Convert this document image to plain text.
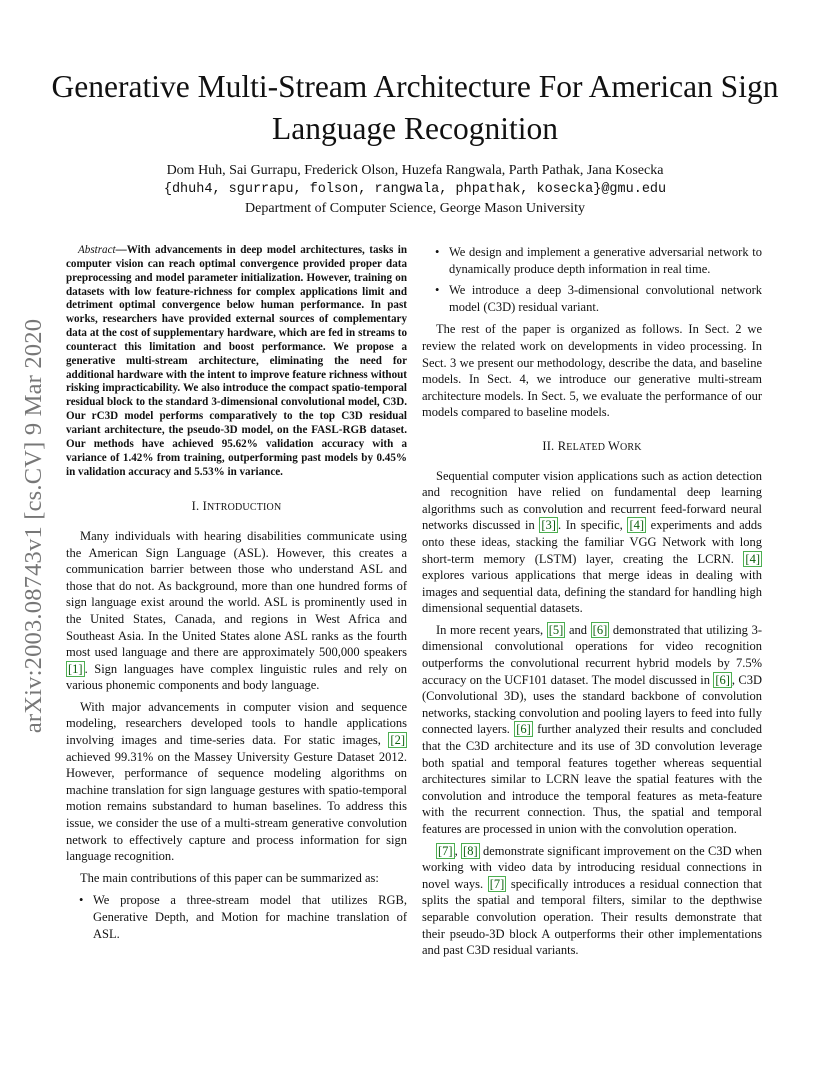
Generative Multi-Stream Architecture For American Sign Language Recognition
Dom Huh, Sai Gurrapu, Frederick Olson, Huzefa Rangwala, Parth Pathak, Jana Kosecka
{dhuh4, sgurrapu, folson, rangwala, phpathak, kosecka}@gmu.edu
Department of Computer Science, George Mason University
arXiv:2003.08743v1 [cs.CV] 9 Mar 2020

Abstract—With advancements in deep model architectures, tasks in computer vision can reach optimal convergence provided proper data preprocessing and model parameter initialization. However, training on datasets with low feature-richness for complex applications limit and detriment optimal convergence below human performance. In past works, researchers have provided external sources of complementary data at the cost of supplementary hardware, which are fed in streams to counteract this limitation and boost performance. We propose a generative multi-stream architecture, eliminating the need for additional hardware with the intent to improve feature richness without risking impracticability. We also introduce the compact spatio-temporal residual block to the standard 3-dimensional convolutional model, C3D. Our rC3D model performs comparatively to the top C3D residual variant architecture, the pseudo-3D model, on the FASL-RGB dataset. Our methods have achieved 95.62% validation accuracy with a variance of 1.42% from training, outperforming past models by 0.45% in validation accuracy and 5.53% in variance.

I. INTRODUCTION

Many individuals with hearing disabilities communicate using the American Sign Language (ASL). However, this creates a communication barrier between those who understand ASL and those that do not. As background, more than one hundred forms of sign language exist around the world. ASL is prominently used in the United States, Canada, and regions in West Africa and Southeast Asia. In the United States alone ASL ranks as the fourth most used language and there are approximately 500,000 speakers [1] . Sign languages have complex linguistic rules and rely on various phonemic components and body language.

With major advancements in computer vision and sequence modeling, researchers developed tools to handle applications involving images and time-series data. For static images, [2] achieved 99.31% on the Massey University Gesture Dataset 2012. However, performance of sequence modeling algorithms on machine translation for sign language gestures with spatio-temporal motion remains substandard to human baselines. To address this issue, we consider the use of a multi-stream generative convolution network to effectively capture and process information for sign language recognition.

The main contributions of this paper can be summarized as:

• We propose a three-stream model that utilizes RGB, Generative Depth, and Motion for machine translation of ASL.
• We design and implement a generative adversarial network to dynamically produce depth information in real time.
• We introduce a deep 3-dimensional convolutional network model (C3D) residual variant.

The rest of the paper is organized as follows. In Sect. 2 we review the related work on developments in video processing. In Sect. 3 we present our methodology, describe the data, and baseline models. In Sect. 4, we introduce our generative multi-stream architecture models. In Sect. 5, we evaluate the performance of our models compared to baseline models.

II. RELATED WORK

Sequential computer vision applications such as action detection and recognition have relied on fundamental deep learning algorithms such as convolution and recurrent feed-forward neural networks discussed in [3] . In specific, [4] experiments and adds onto these ideas, stacking the familiar VGG Network with long short-term memory (LSTM) layer, creating the LCRN. [4] explores various applications that merge ideas in dealing with images and sequential data, defining the standard for handling high dimensional sequential datasets.

In more recent years, [5] and [6] demonstrated that utilizing 3-dimensional convolutional operations for video recognition outperforms the convolutional recurrent hybrid models by 7.5% accuracy on the UCF101 dataset. The model discussed in [6] , C3D (Convolutional 3D), uses the standard backbone of convolution networks, stacking convolution and pooling layers to feed into fully connected layers. [6] further analyzed their results and concluded that the C3D architecture and its use of 3D convolution leverage both spatial and temporal features together whereas sequential architectures similar to LCRN leave the spatial features with the convolution and introduce the temporal features as meta-feature with the recurrent connection. Thus, the spatial and temporal features are processed in union with the convolution operation.

[7] , [8] demonstrate significant improvement on the C3D when working with video data by introducing residual connections in novel ways. [7] specifically introduces a residual connection that splits the spatial and temporal filters, similar to the depthwise separable convolution operation. Their results demonstrate that their pseudo-3D block A outperforms their other implementations and past C3D residual variants.
